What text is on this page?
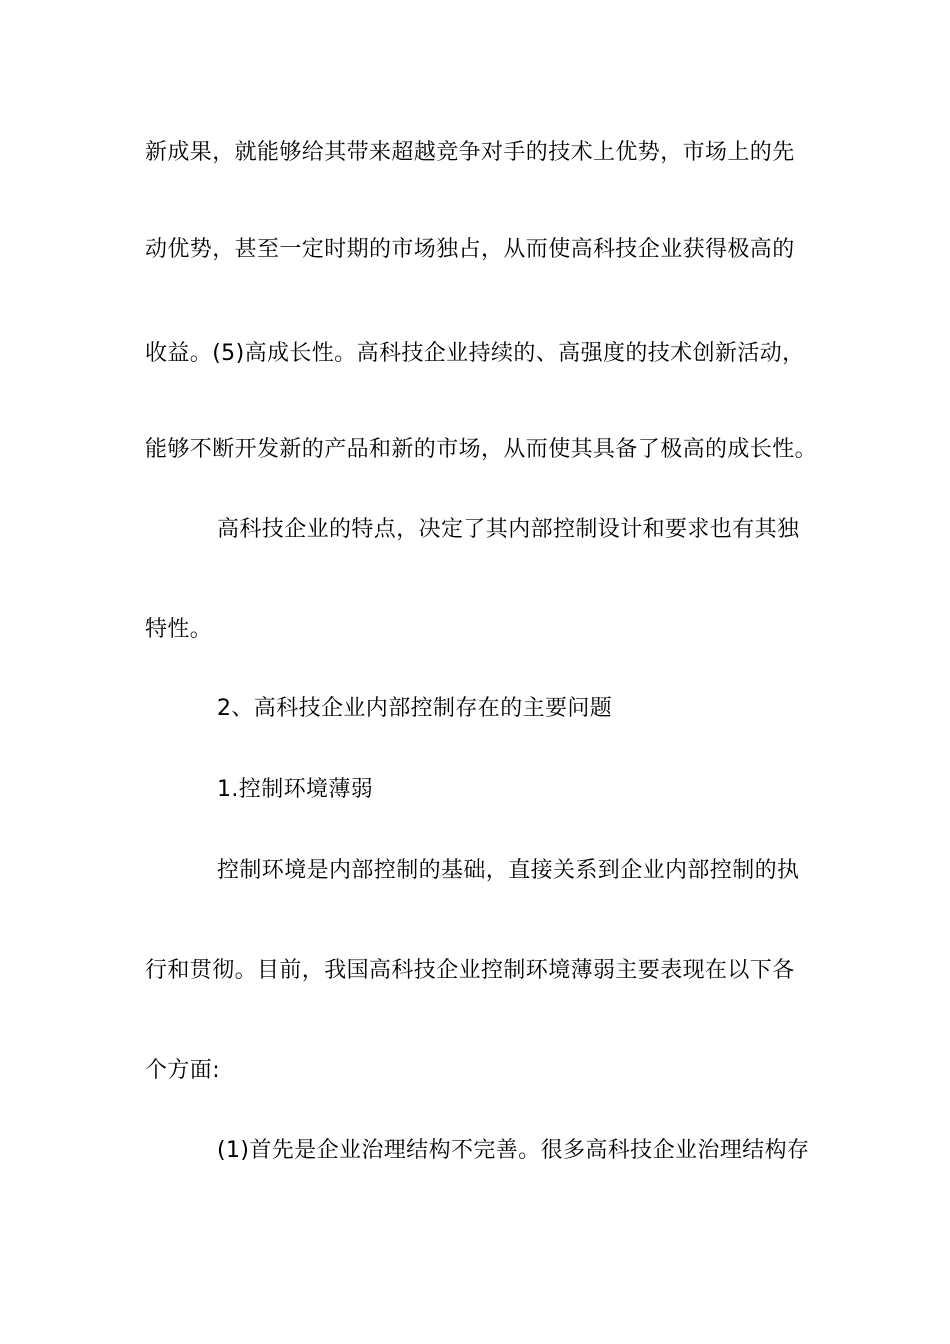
新成果，就能够给其带来超越竞争对手的技术上优势，市场上的先
动优势，甚至一定时期的市场独占，从而使高科技企业获得极高的
收益。(5)高成长性。高科技企业持续的、高强度的技术创新活动，
能够不断开发新的产品和新的市场，从而使其具备了极高的成长性。
高科技企业的特点，决定了其内部控制设计和要求也有其独
特性。
2、高科技企业内部控制存在的主要问题
1.控制环境薄弱
控制环境是内部控制的基础，直接关系到企业内部控制的执
行和贯彻。目前，我国高科技企业控制环境薄弱主要表现在以下各
个方面:
(1)首先是企业治理结构不完善。很多高科技企业治理结构存
